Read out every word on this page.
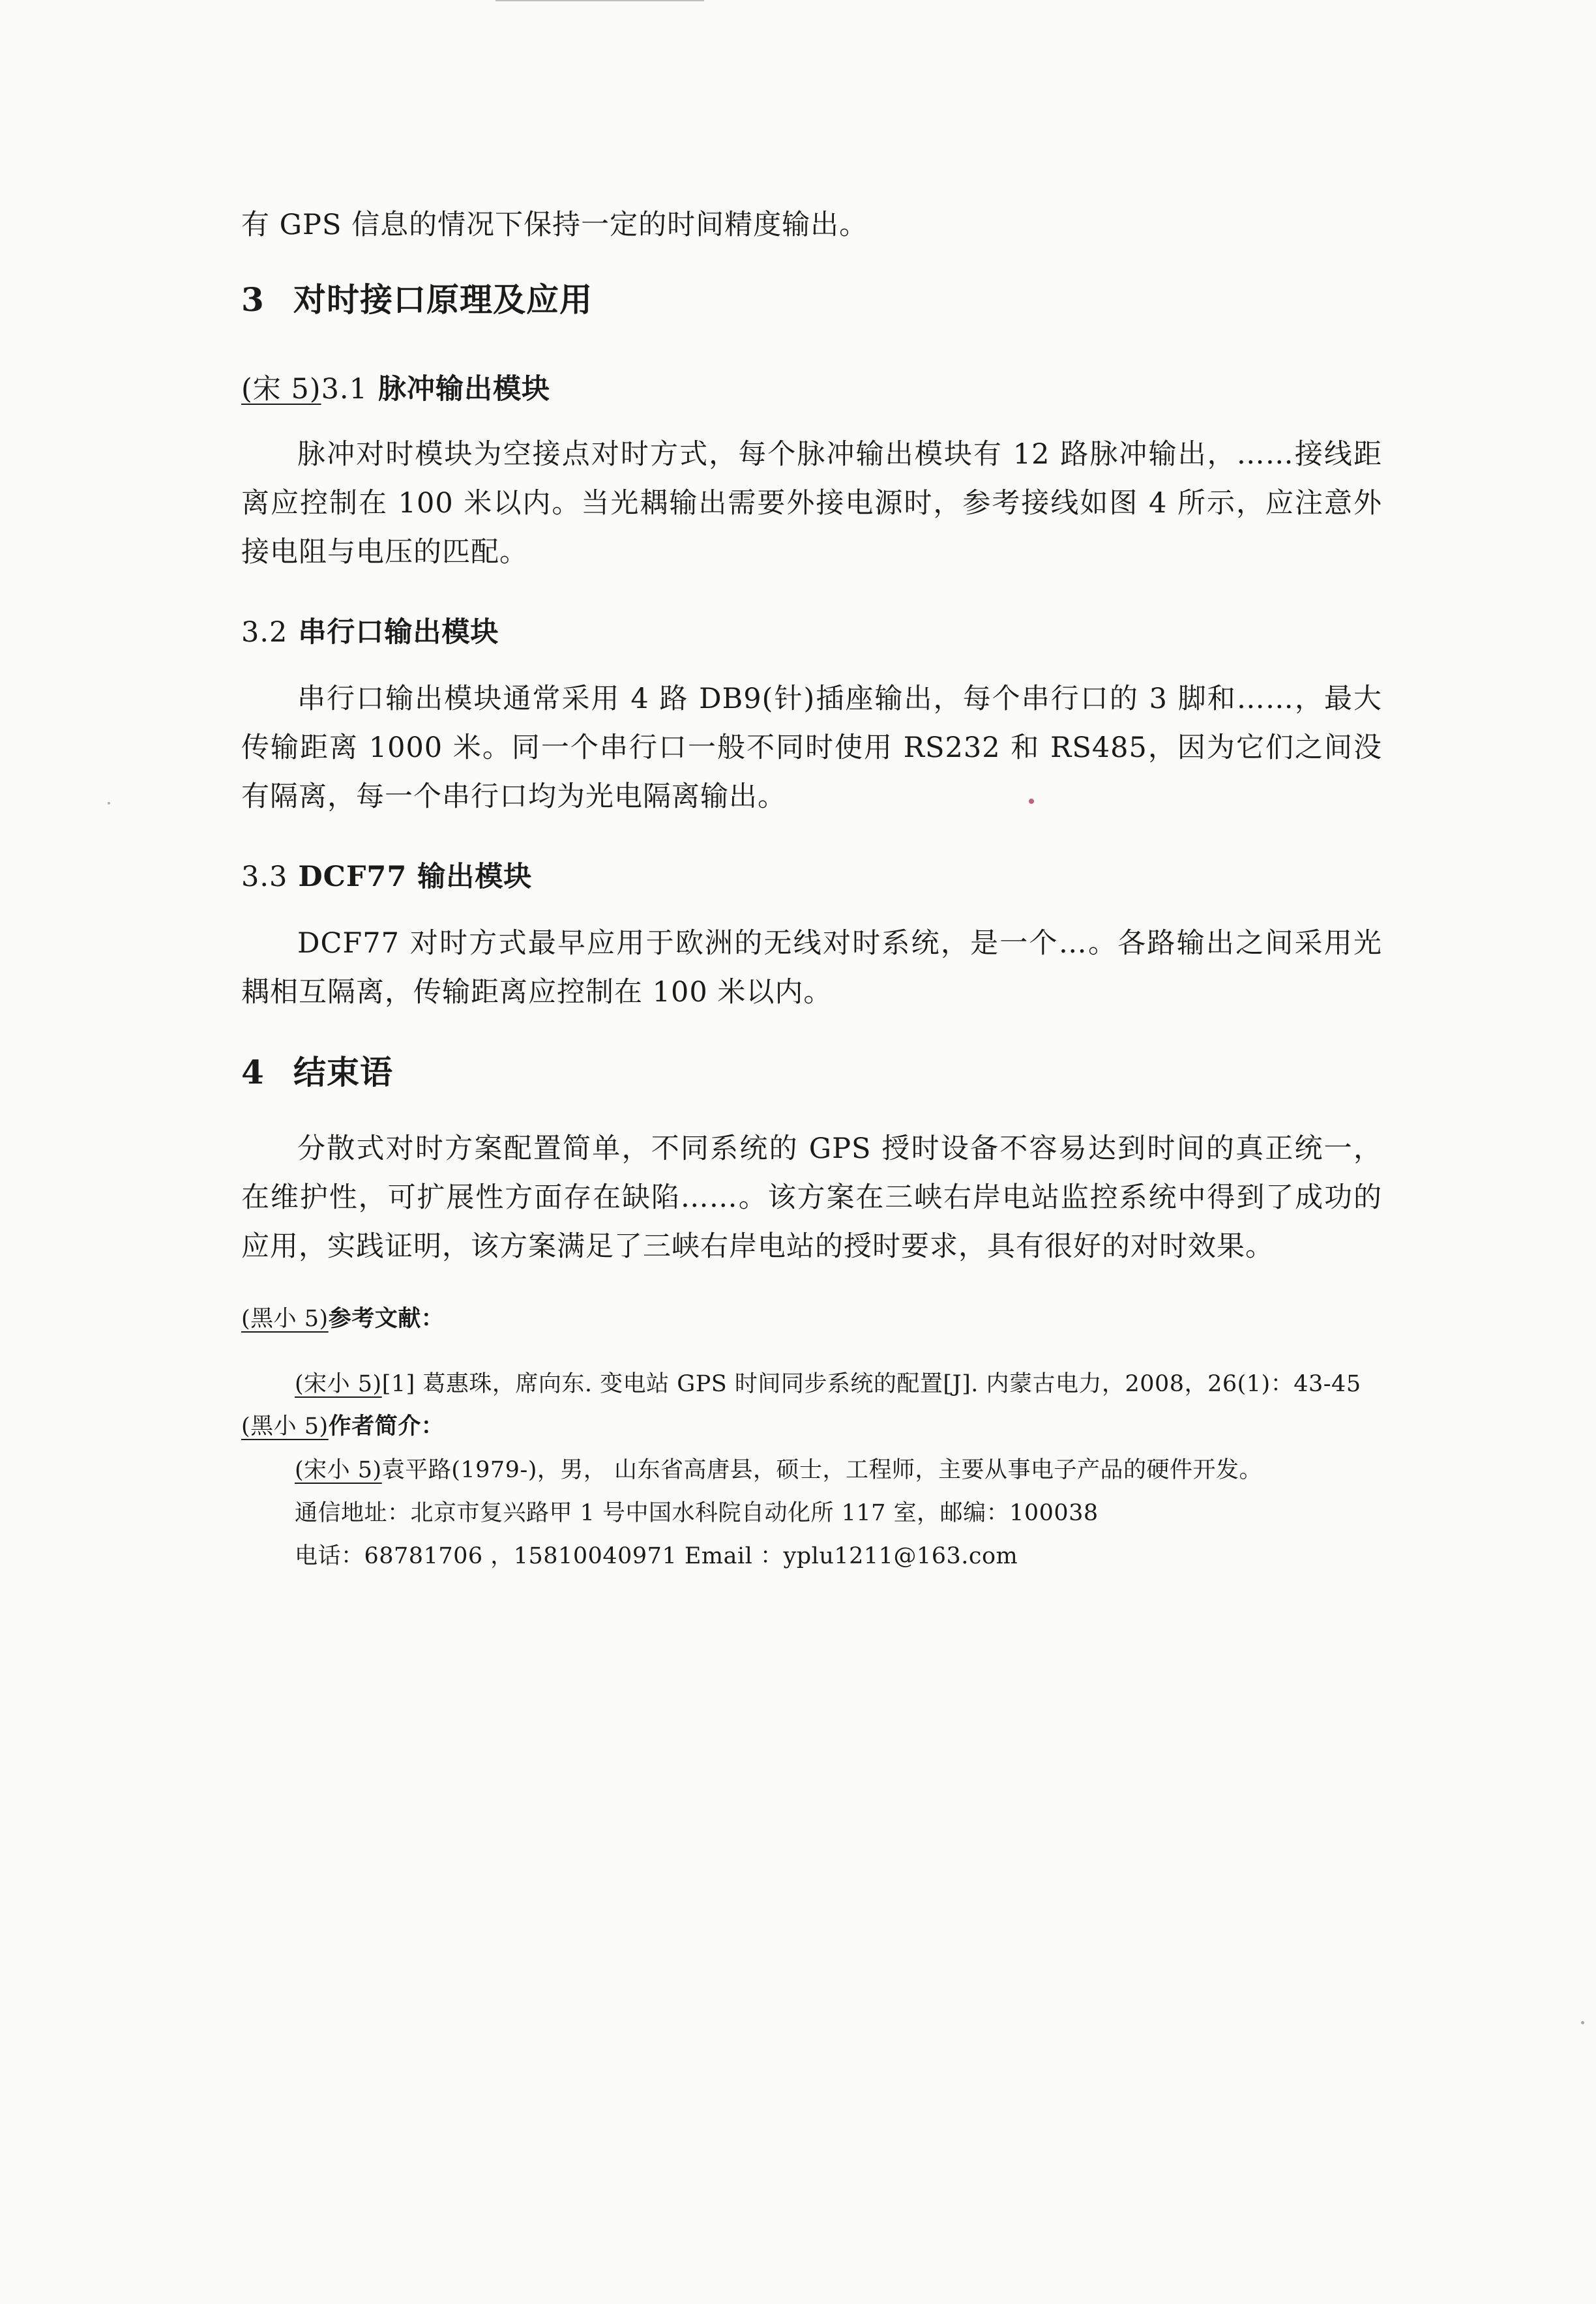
有 GPS 信息的情况下保持一定的时间精度输出。

3 对时接口原理及应用
(宋 5)3.1 脉冲输出模块

脉冲对时模块为空接点对时方式，每个脉冲输出模块有 12 路脉冲输出，……接线距离应控制在 100 米以内。当光耦输出需要外接电源时，参考接线如图 4 所示，应注意外接电阻与电压的匹配。

3.2 串行口输出模块

串行口输出模块通常采用 4 路 DB9(针)插座输出，每个串行口的 3 脚和……，最大传输距离 1000 米。同一个串行口一般不同时使用 RS232 和 RS485，因为它们之间没有隔离，每一个串行口均为光电隔离输出。

3.3 DCF77 输出模块

DCF77 对时方式最早应用于欧洲的无线对时系统，是一个…。各路输出之间采用光耦相互隔离，传输距离应控制在 100 米以内。

4 结束语

分散式对时方案配置简单，不同系统的 GPS 授时设备不容易达到时间的真正统一，在维护性，可扩展性方面存在缺陷……。该方案在三峡右岸电站监控系统中得到了成功的应用，实践证明，该方案满足了三峡右岸电站的授时要求，具有很好的对时效果。

(黑小 5)参考文献：

(宋小 5)[1] 葛惠珠，席向东. 变电站 GPS 时间同步系统的配置[J]. 内蒙古电力，2008，26(1)：43-45

(黑小 5)作者简介：

(宋小 5)袁平路(1979-)，男， 山东省高唐县，硕士，工程师，主要从事电子产品的硬件开发。

通信地址：北京市复兴路甲 1 号中国水科院自动化所 117 室，邮编：100038

电话：68781706 ，15810040971 Email ：yplu1211@163.com
